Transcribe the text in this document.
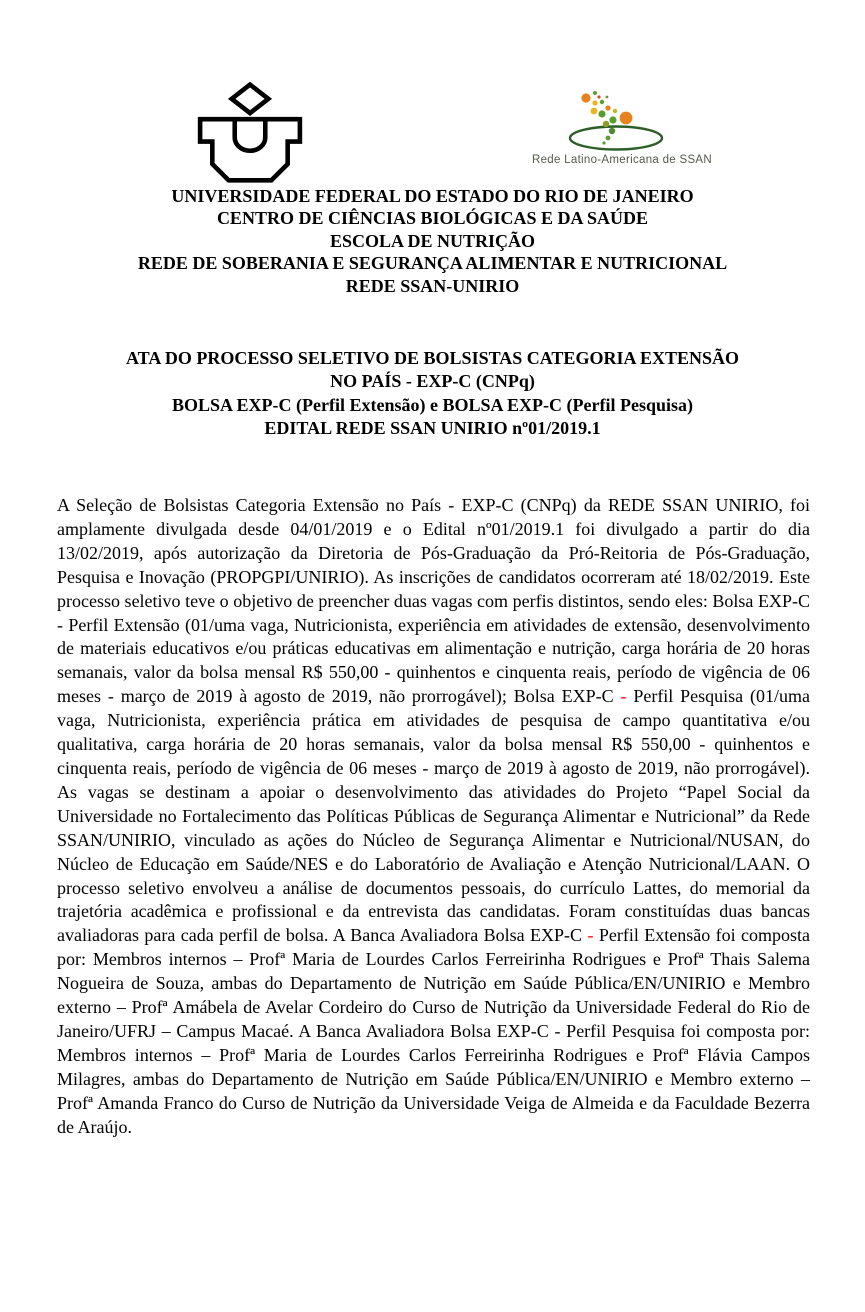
Rede Latino-Americana de SSAN
UNIVERSIDADE FEDERAL DO ESTADO DO RIO DE JANEIRO
CENTRO DE CIÊNCIAS BIOLÓGICAS E DA SAÚDE
ESCOLA DE NUTRIÇÃO
REDE DE SOBERANIA E SEGURANÇA ALIMENTAR E NUTRICIONAL
REDE SSAN-UNIRIO
ATA DO PROCESSO SELETIVO DE BOLSISTAS CATEGORIA EXTENSÃO
NO PAÍS - EXP-C (CNPq)
BOLSA EXP-C (Perfil Extensão) e BOLSA EXP-C (Perfil Pesquisa)
EDITAL REDE SSAN UNIRIO nº01/2019.1
A Seleção de Bolsistas Categoria Extensão no País - EXP-C (CNPq) da REDE SSAN UNIRIO, foi amplamente divulgada desde 04/01/2019 e o Edital nº01/2019.1 foi divulgado a partir do dia 13/02/2019, após autorização da Diretoria de Pós-Graduação da Pró-Reitoria de Pós-Graduação, Pesquisa e Inovação (PROPGPI/UNIRIO). As inscrições de candidatos ocorreram até 18/02/2019. Este processo seletivo teve o objetivo de preencher duas vagas com perfis distintos, sendo eles: Bolsa EXP-C - Perfil Extensão (01/uma vaga, Nutricionista, experiência em atividades de extensão, desenvolvimento de materiais educativos e/ou práticas educativas em alimentação e nutrição, carga horária de 20 horas semanais, valor da bolsa mensal R$ 550,00 - quinhentos e cinquenta reais, período de vigência de 06 meses - março de 2019 à agosto de 2019, não prorrogável); Bolsa EXP-C - Perfil Pesquisa (01/uma vaga, Nutricionista, experiência prática em atividades de pesquisa de campo quantitativa e/ou qualitativa, carga horária de 20 horas semanais, valor da bolsa mensal R$ 550,00 - quinhentos e cinquenta reais, período de vigência de 06 meses - março de 2019 à agosto de 2019, não prorrogável). As vagas se destinam a apoiar o desenvolvimento das atividades do Projeto “Papel Social da Universidade no Fortalecimento das Políticas Públicas de Segurança Alimentar e Nutricional” da Rede SSAN/UNIRIO, vinculado as ações do Núcleo de Segurança Alimentar e Nutricional/NUSAN, do Núcleo de Educação em Saúde/NES e do Laboratório de Avaliação e Atenção Nutricional/LAAN. O processo seletivo envolveu a análise de documentos pessoais, do currículo Lattes, do memorial da trajetória acadêmica e profissional e da entrevista das candidatas. Foram constituídas duas bancas avaliadoras para cada perfil de bolsa. A Banca Avaliadora Bolsa EXP-C - Perfil Extensão foi composta por: Membros internos – Profª Maria de Lourdes Carlos Ferreirinha Rodrigues e Profª Thais Salema Nogueira de Souza, ambas do Departamento de Nutrição em Saúde Pública/EN/UNIRIO e Membro externo – Profª Amábela de Avelar Cordeiro do Curso de Nutrição da Universidade Federal do Rio de Janeiro/UFRJ – Campus Macaé. A Banca Avaliadora Bolsa EXP-C - Perfil Pesquisa foi composta por: Membros internos – Profª Maria de Lourdes Carlos Ferreirinha Rodrigues e Profª Flávia Campos Milagres, ambas do Departamento de Nutrição em Saúde Pública/EN/UNIRIO e Membro externo – Profª Amanda Franco do Curso de Nutrição da Universidade Veiga de Almeida e da Faculdade Bezerra de Araújo.
